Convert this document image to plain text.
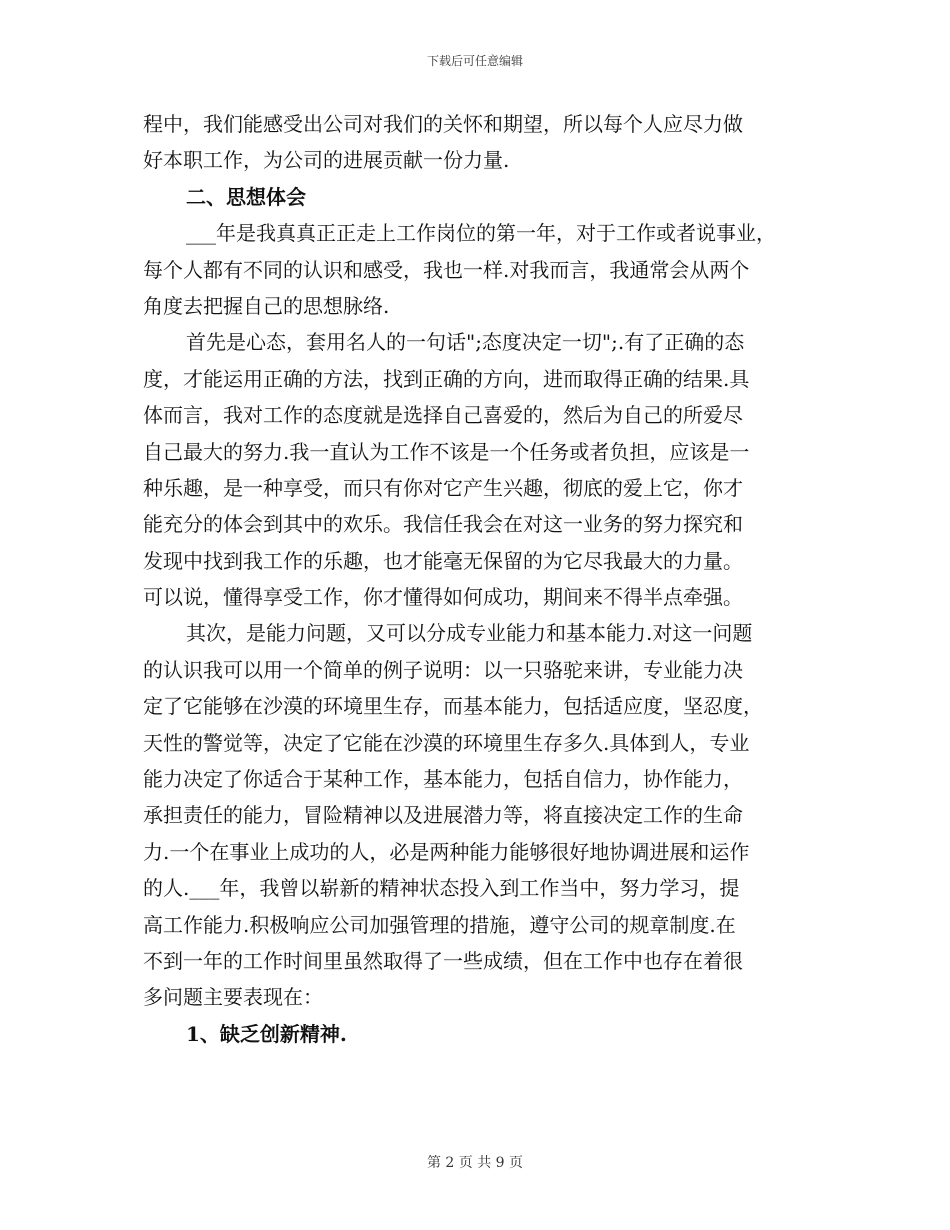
下载后可任意编辑
程中，我们能感受出公司对我们的关怀和期望，所以每个人应尽力做
好本职工作，为公司的进展贡献一份力量.
二、思想体会
___年是我真真正正走上工作岗位的第一年，对于工作或者说事业，
每个人都有不同的认识和感受，我也一样.对我而言，我通常会从两个
角度去把握自己的思想脉络.
首先是心态，套用名人的一句话";态度决定一切";.有了正确的态
度，才能运用正确的方法，找到正确的方向，进而取得正确的结果.具
体而言，我对工作的态度就是选择自己喜爱的，然后为自己的所爱尽
自己最大的努力.我一直认为工作不该是一个任务或者负担，应该是一
种乐趣，是一种享受，而只有你对它产生兴趣，彻底的爱上它，你才
能充分的体会到其中的欢乐。我信任我会在对这一业务的努力探究和
发现中找到我工作的乐趣，也才能毫无保留的为它尽我最大的力量。
可以说，懂得享受工作，你才懂得如何成功，期间来不得半点牵强。
其次，是能力问题，又可以分成专业能力和基本能力.对这一问题
的认识我可以用一个简单的例子说明：以一只骆驼来讲，专业能力决
定了它能够在沙漠的环境里生存，而基本能力，包括适应度，坚忍度，
天性的警觉等，决定了它能在沙漠的环境里生存多久.具体到人，专业
能力决定了你适合于某种工作，基本能力，包括自信力，协作能力，
承担责任的能力，冒险精神以及进展潜力等，将直接决定工作的生命
力.一个在事业上成功的人，必是两种能力能够很好地协调进展和运作
的人.___年，我曾以崭新的精神状态投入到工作当中，努力学习，提
高工作能力.积极响应公司加强管理的措施，遵守公司的规章制度.在
不到一年的工作时间里虽然取得了一些成绩，但在工作中也存在着很
多问题主要表现在：
1、缺乏创新精神.
第 2 页 共 9 页
